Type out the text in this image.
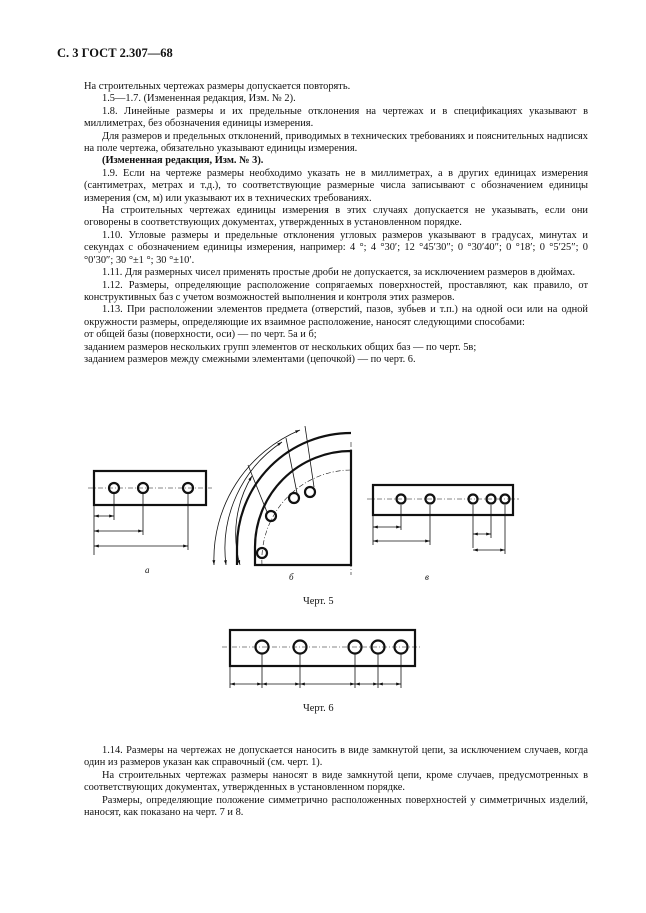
С. 3 ГОСТ 2.307—68

На строительных чертежах размеры допускается повторять.

1.5—1.7. (Измененная редакция, Изм. № 2).

1.8. Линейные размеры и их предельные отклонения на чертежах и в спецификациях указывают в миллиметрах, без обозначения единицы измерения.

Для размеров и предельных отклонений, приводимых в технических требованиях и пояснительных надписях на поле чертежа, обязательно указывают единицы измерения.

(Измененная редакция, Изм. № 3).

1.9. Если на чертеже размеры необходимо указать не в миллиметрах, а в других единицах измерения (сантиметрах, метрах и т.д.), то соответствующие размерные числа записывают с обозначением единицы измерения (см, м) или указывают их в технических требованиях.

На строительных чертежах единицы измерения в этих случаях допускается не указывать, если они оговорены в соответствующих документах, утвержденных в установленном порядке.

1.10. Угловые размеры и предельные отклонения угловых размеров указывают в градусах, минутах и секундах с обозначением единицы измерения, например: 4 °; 4 °30′; 12 °45′30″; 0 °30′40″; 0 °18′; 0 °5′25″; 0 °0′30″; 30 °±1 °; 30 °±10′.

1.11. Для размерных чисел применять простые дроби не допускается, за исключением размеров в дюймах.

1.12. Размеры, определяющие расположение сопрягаемых поверхностей, проставляют, как правило, от конструктивных баз с учетом возможностей выполнения и контроля этих размеров.

1.13. При расположении элементов предмета (отверстий, пазов, зубьев и т.п.) на одной оси или на одной окружности размеры, определяющие их взаимное расположение, наносят следующими способами:

от общей базы (поверхности, оси) — по черт. 5а и б;

заданием размеров нескольких групп элементов от нескольких общих баз — по черт. 5в;

заданием размеров между смежными элементами (цепочкой) — по черт. 6.

а
б	в
Черт. 5
Черт. 6

1.14. Размеры на чертежах не допускается наносить в виде замкнутой цепи, за исключением случаев, когда один из размеров указан как справочный (см. черт. 1).

На строительных чертежах размеры наносят в виде замкнутой цепи, кроме случаев, предусмотренных в соответствующих документах, утвержденных в установленном порядке.

Размеры, определяющие положение симметрично расположенных поверхностей у симметричных изделий, наносят, как показано на черт. 7 и 8.
